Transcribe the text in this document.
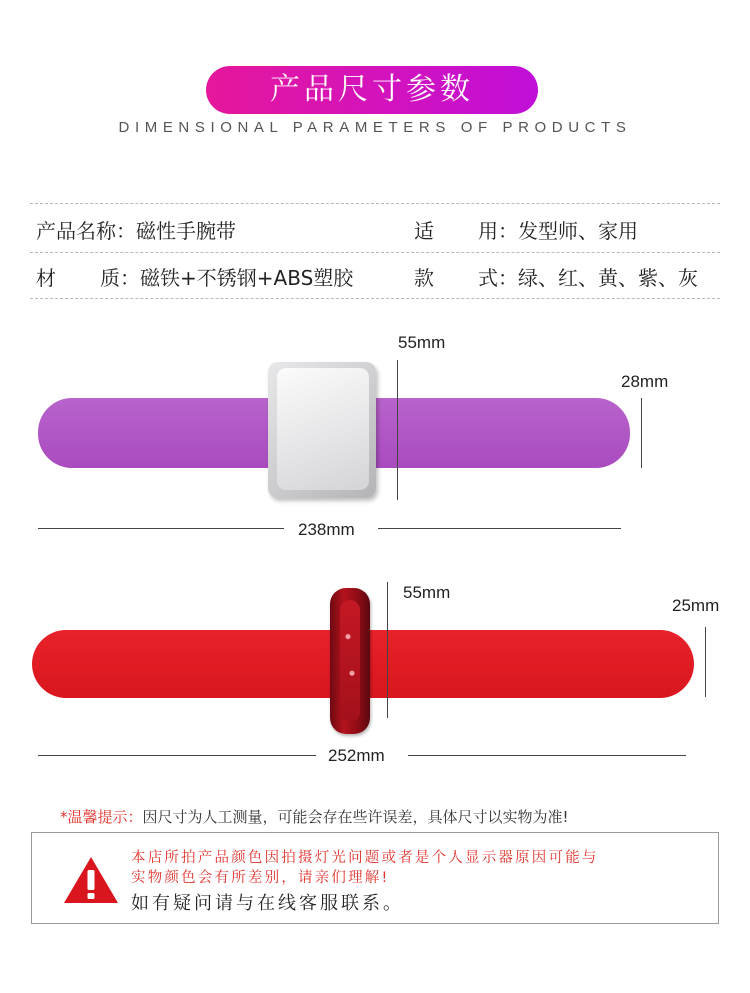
产品尺寸参数
DIMENSIONAL PARAMETERS OF PRODUCTS
产品名称：磁性手腕带	适 用：发型师、家用
材 质：磁铁+不锈钢+ABS塑胶	款 式：绿、红、黄、紫、灰
55mm
28mm
238mm
55mm
25mm
252mm
*温馨提示：因尺寸为人工测量，可能会存在些许误差，具体尺寸以实物为准!
本店所拍产品颜色因拍摄灯光问题或者是个人显示器原因可能与
实物颜色会有所差别，请亲们理解!
如有疑问请与在线客服联系。
